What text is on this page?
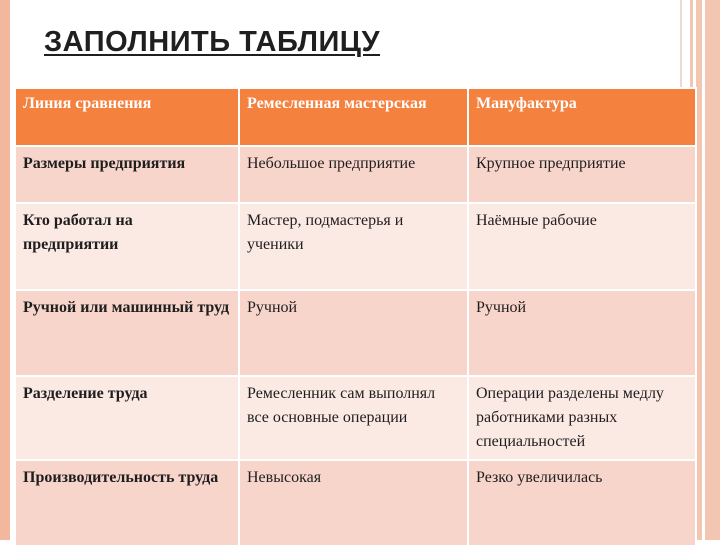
ЗАПОЛНИТЬ ТАБЛИЦУ
Линия сравнения	Ремесленная мастерская	Мануфактура
Размеры предприятия	Небольшое предприятие	Крупное предприятие
Кто работал на предприятии	Мастер, подмастерья и ученики	Наёмные рабочие
Ручной или машинный труд	Ручной	Ручной
Разделение труда	Ремесленник сам выполнял все основные операции	Операции разделены медлу работниками разных специальностей
Производительность труда	Невысокая	Резко увеличилась
